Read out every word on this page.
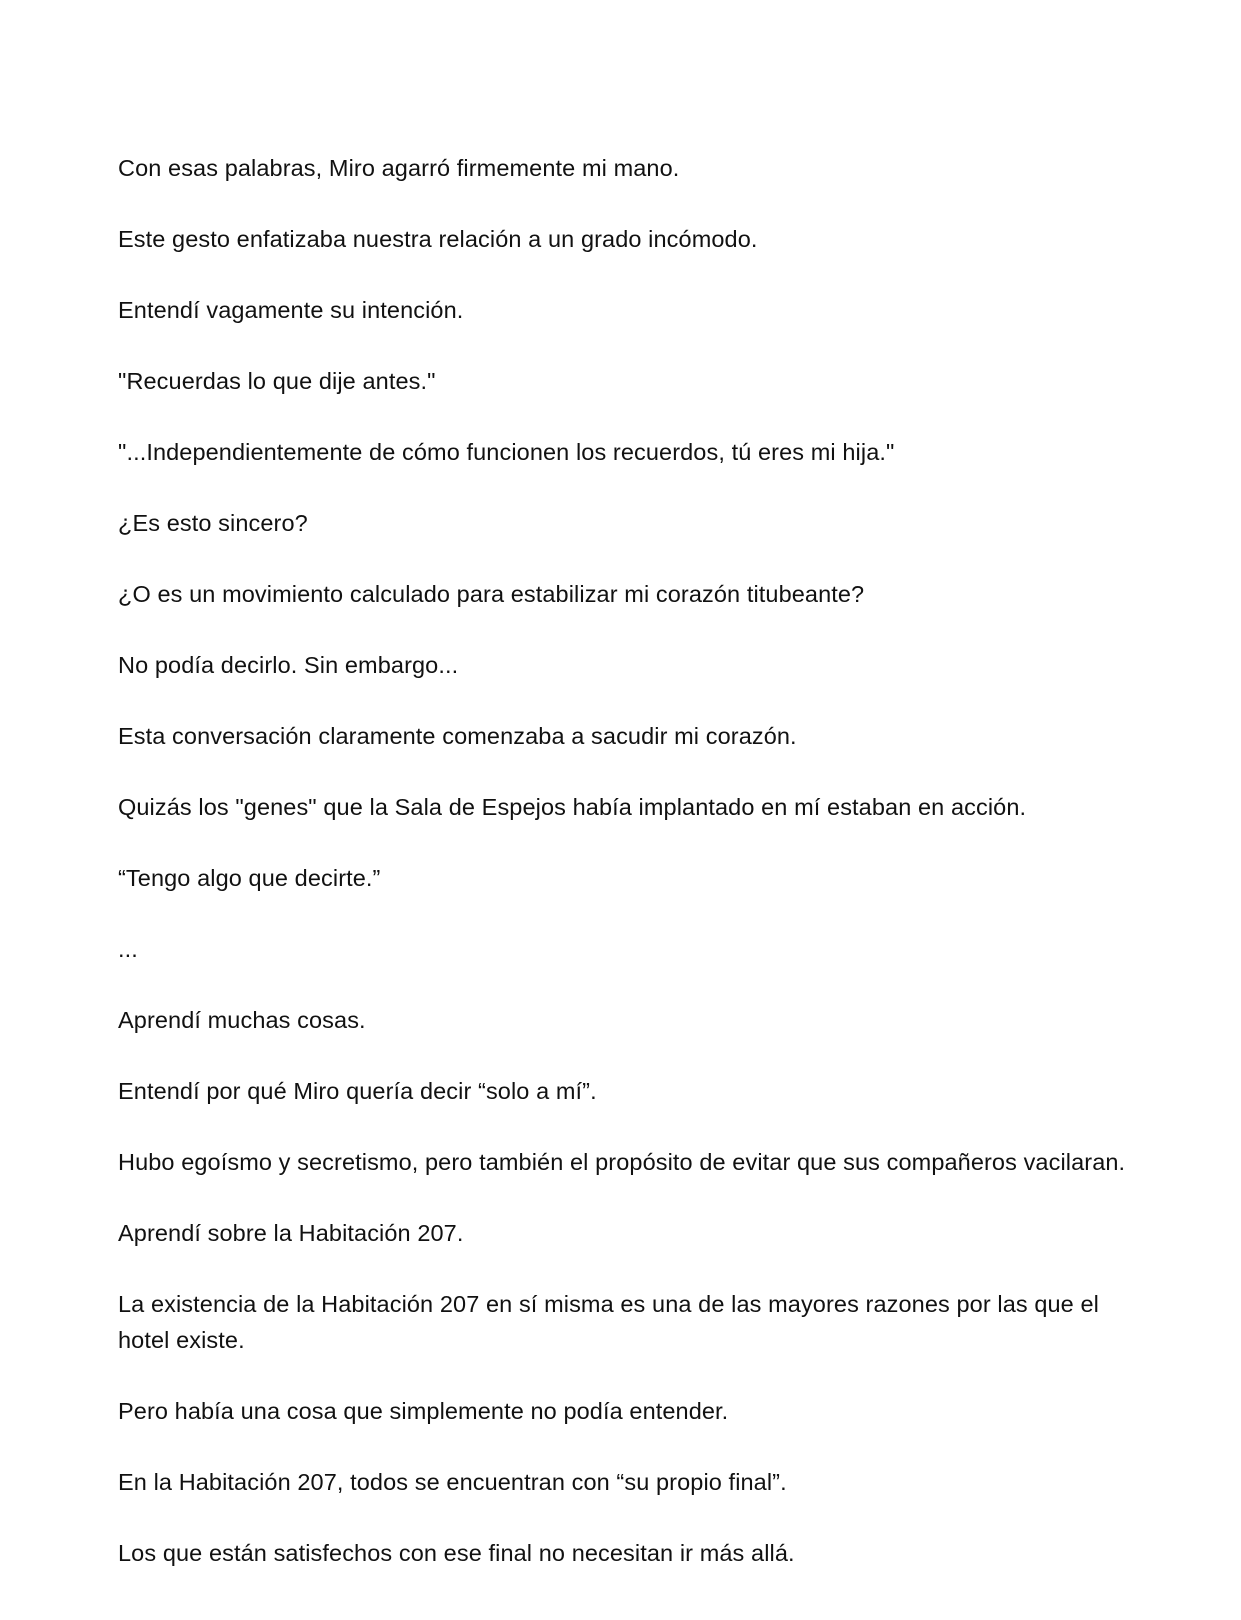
Con esas palabras, Miro agarró firmemente mi mano.

Este gesto enfatizaba nuestra relación a un grado incómodo.

Entendí vagamente su intención.

"Recuerdas lo que dije antes."

"...Independientemente de cómo funcionen los recuerdos, tú eres mi hija."

¿Es esto sincero?

¿O es un movimiento calculado para estabilizar mi corazón titubeante?

No podía decirlo. Sin embargo...

Esta conversación claramente comenzaba a sacudir mi corazón.

Quizás los "genes" que la Sala de Espejos había implantado en mí estaban en acción.

“Tengo algo que decirte.”

...

Aprendí muchas cosas.

Entendí por qué Miro quería decir “solo a mí”.

Hubo egoísmo y secretismo, pero también el propósito de evitar que sus compañeros vacilaran.

Aprendí sobre la Habitación 207.

La existencia de la Habitación 207 en sí misma es una de las mayores razones por las que el hotel existe.

Pero había una cosa que simplemente no podía entender.

En la Habitación 207, todos se encuentran con “su propio final”.

Los que están satisfechos con ese final no necesitan ir más allá.
